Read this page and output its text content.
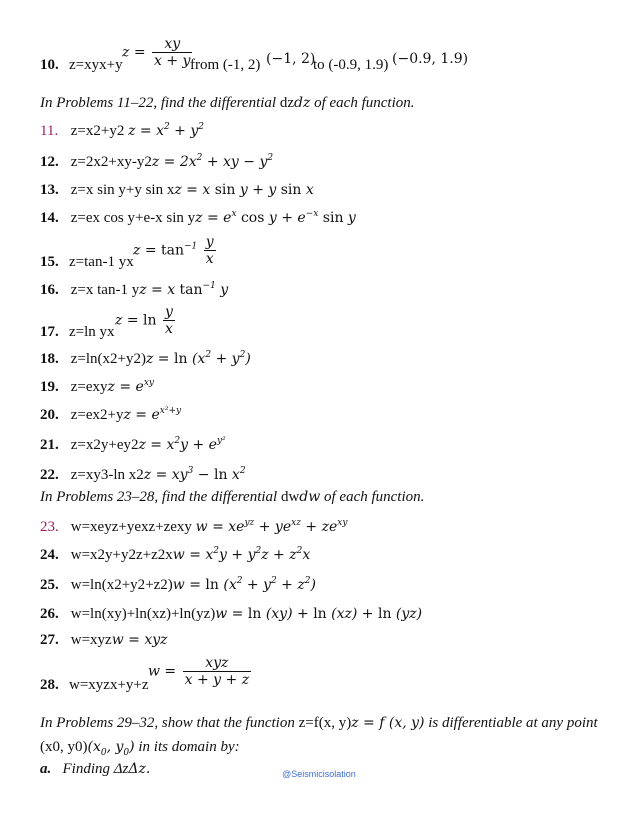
10. z=xyx+y
$z = \frac{xy}{x + y}$
from (-1, 2) (−1, 2)
to (-0.9, 1.9) (−0.9, 1.9)
In Problems 11–22, find the differential dzdz of each function.
11. z=x2+y2 $z = x^2 + y^2$
12. $z=2x2+xy-y2z = 2x^2$ + xy − $y^2$
13. z=x sin y+y sin xz = x sin y + y sin x
14. z=ex cos y+e-x sin yz = $e^x$ $\cos y + e^{-x}$ sin y
15. z=tan-1 yx
$z = \tan^{-1} \frac{y}{x}$
16. z=x tan-1 yz = x $\tan^{-1} y$
17. z=ln yx
$z = \ln \frac{y}{x}$
18. $z=\ln(x2+y2)z = \ln (x^2 + y^2)$
19. z=exyz = $e^{xy}$
20. $z=ex2+yz = e^{x^2+y}$
21. $z=x2y+ey2z = x^2y + e^{y^2}$
22. z=xy3-ln $x2z = xy^3 - \ln x^2$
In Problems 23–28, find the differential dwdw of each function.
23. w=xeyz+yexz+zexy $w = xe^{yz} + ye^{xz} + ze^{xy}$
24. $w=x2y+y2z+z2xw = x^2y + y^2z + z^2x$
25. $w=\ln(x2+y2+z2)w = \ln (x^2 + y^2 + z^2)$
26. w=ln(xy)+ln(xz)+ln(yz)w = ln (xy) + ln (xz) + ln (yz)
27. w=xyzw = xyz
28. w=xyzx+y+z
$w = \frac{\text{xyz}}{x + y + z}$
In Problems 29–32, show that the function z=f(x, y)z = f (x, y) is differentiable at any point
(x0, $y0)(x_0$, $y_0$) in its domain by:
a. Finding ΔzΔz.	@Seismicisolation
